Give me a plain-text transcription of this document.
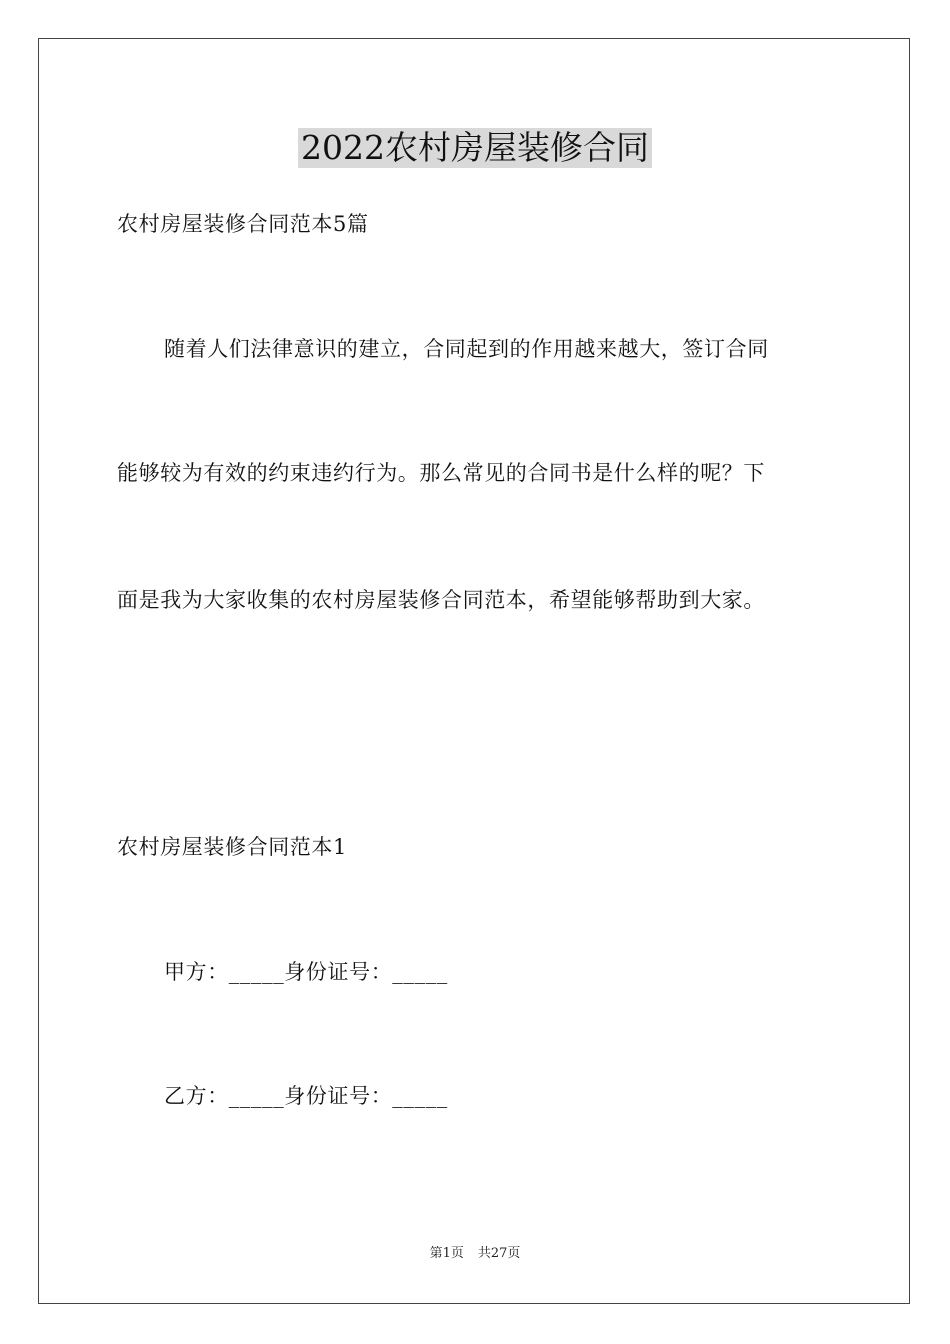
2022农村房屋装修合同
农村房屋装修合同范本5篇
随着人们法律意识的建立，合同起到的作用越来越大，签订合同
能够较为有效的约束违约行为。那么常见的合同书是什么样的呢？下
面是我为大家收集的农村房屋装修合同范本，希望能够帮助到大家。
农村房屋装修合同范本1
甲方：_____身份证号：_____
乙方：_____身份证号：_____
第1页 共27页
